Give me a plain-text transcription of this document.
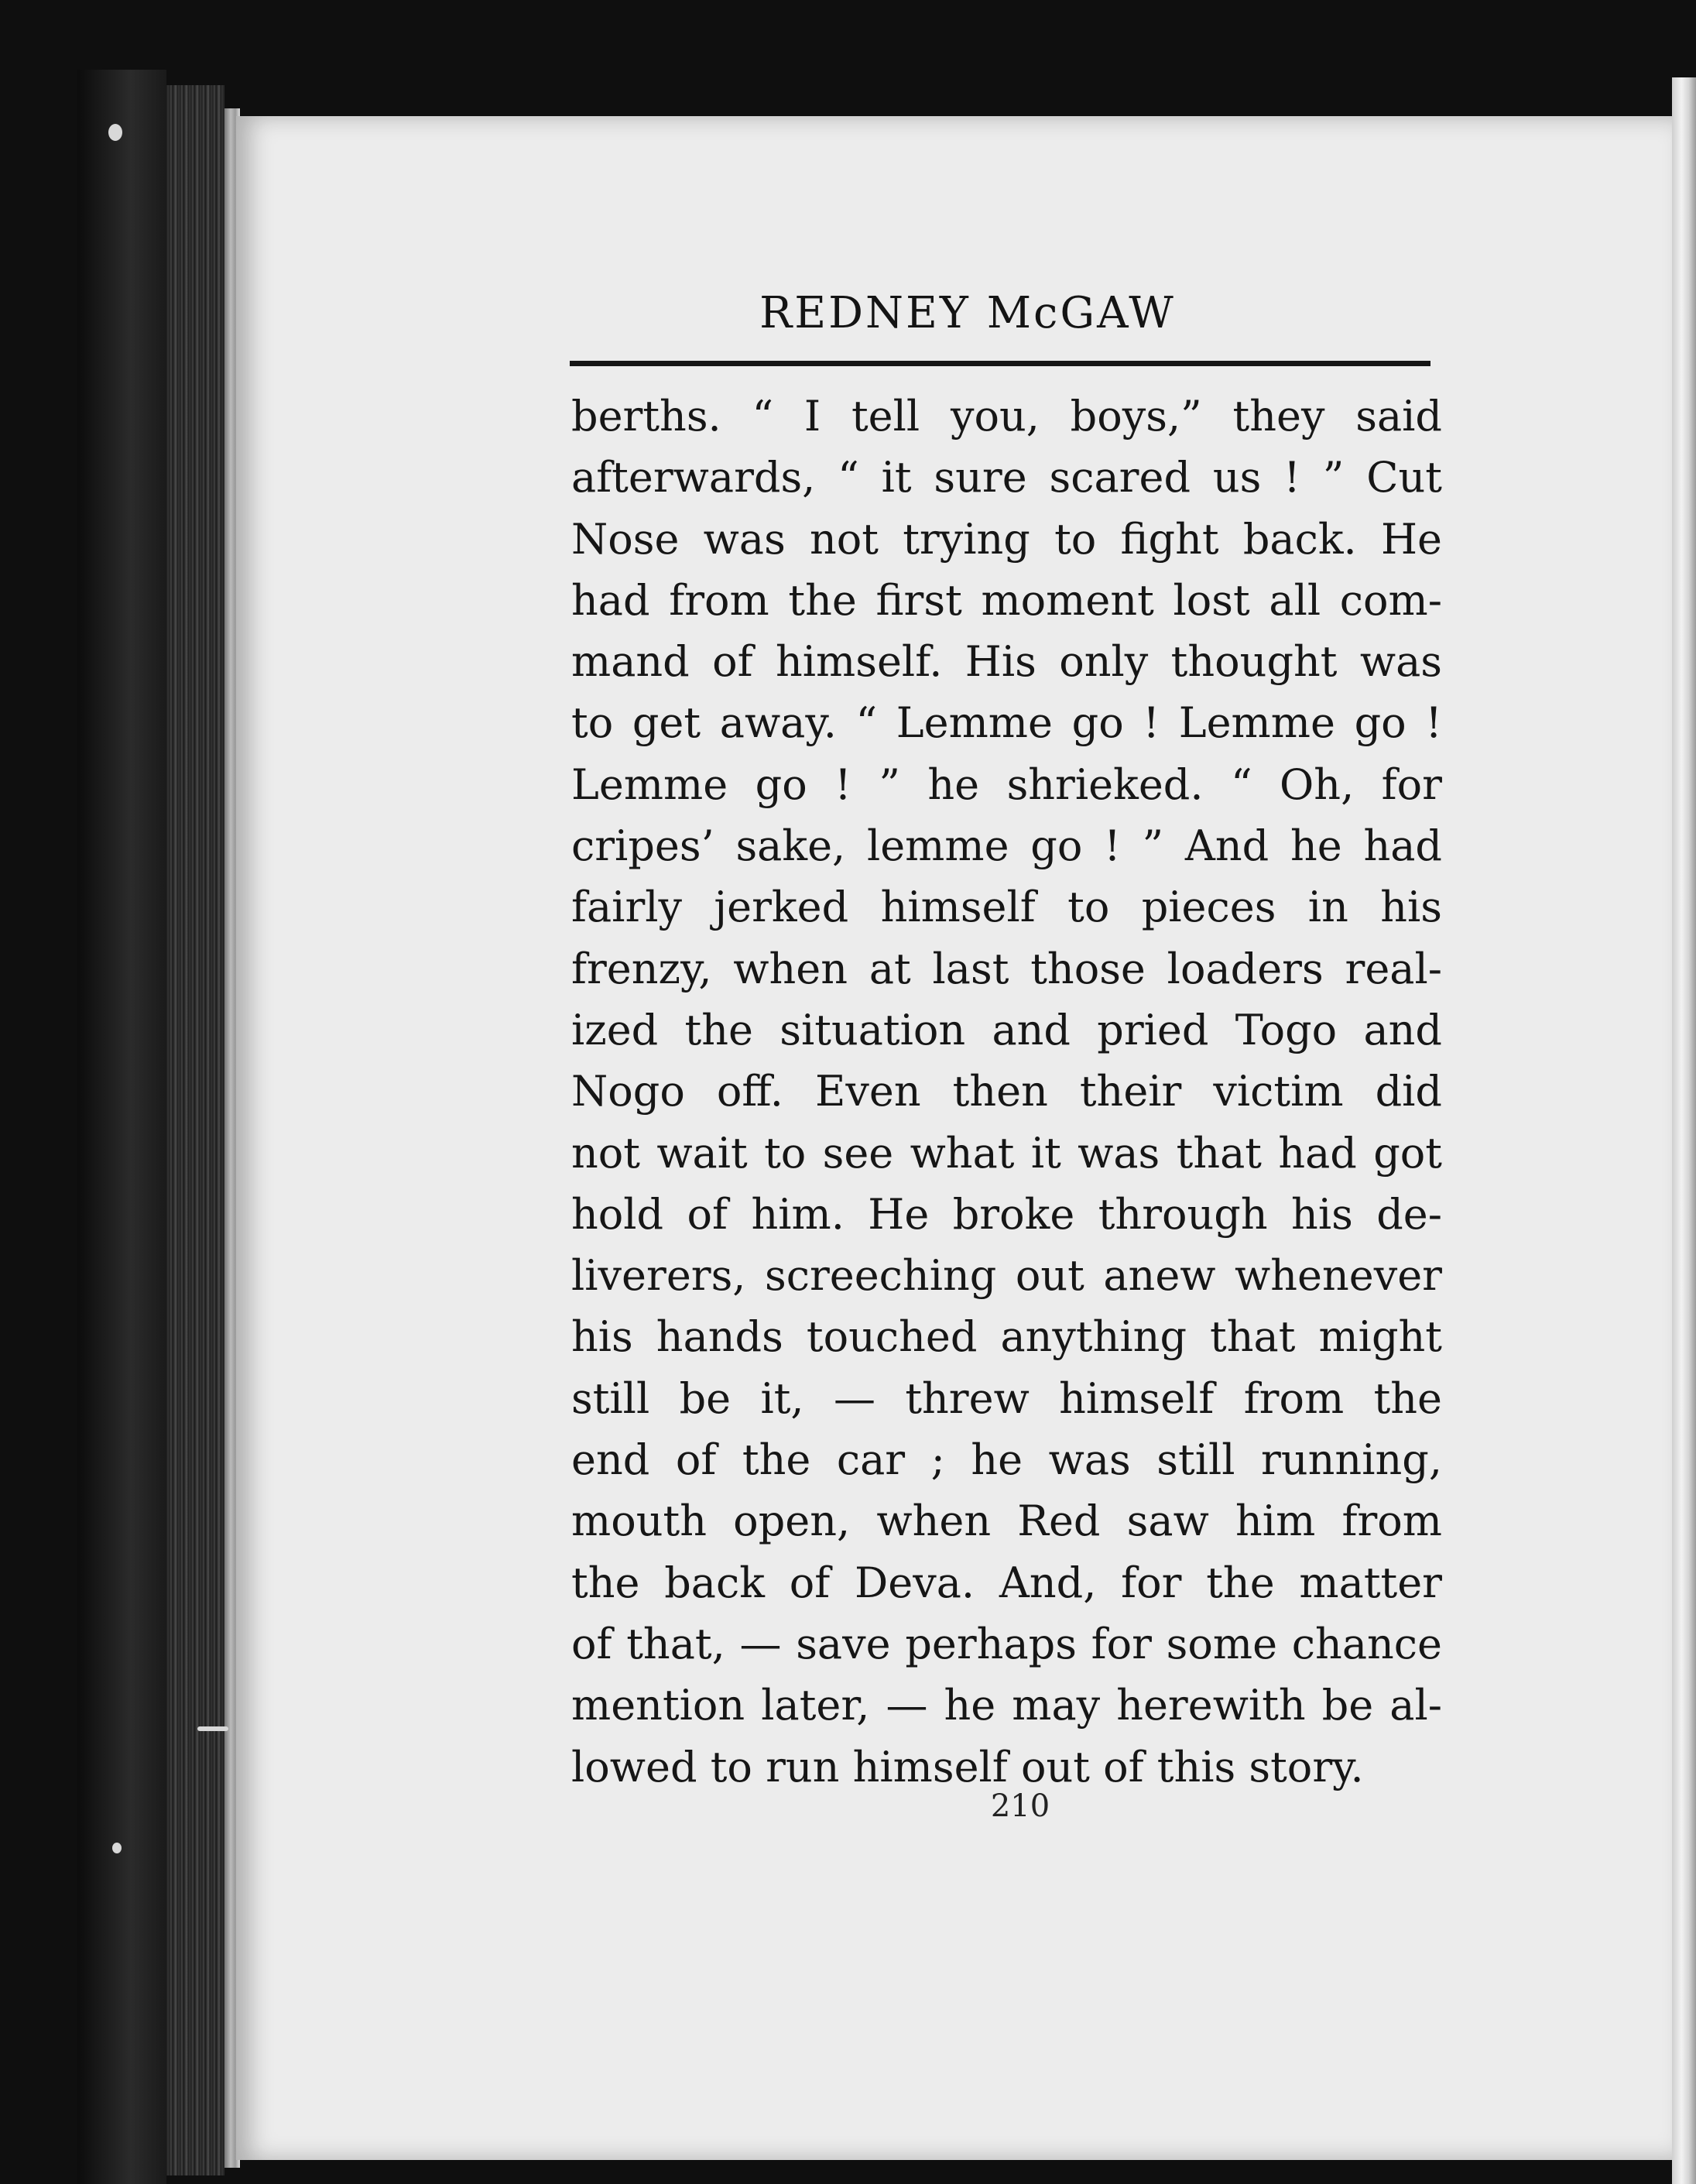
REDNEY McGAW
berths. “ I tell you, boys,” they said
afterwards, “ it sure scared us ! ” Cut
Nose was not trying to fight back. He
had from the first moment lost all com-
mand of himself. His only thought was
to get away. “ Lemme go ! Lemme go !
Lemme go ! ” he shrieked. “ Oh, for
cripes’ sake, lemme go ! ” And he had
fairly jerked himself to pieces in his
frenzy, when at last those loaders real-
ized the situation and pried Togo and
Nogo off. Even then their victim did
not wait to see what it was that had got
hold of him. He broke through his de-
liverers, screeching out anew whenever
his hands touched anything that might
still be it, — threw himself from the
end of the car ; he was still running,
mouth open, when Red saw him from
the back of Deva. And, for the matter
of that, — save perhaps for some chance
mention later, — he may herewith be al-
lowed to run himself out of this story.
210
